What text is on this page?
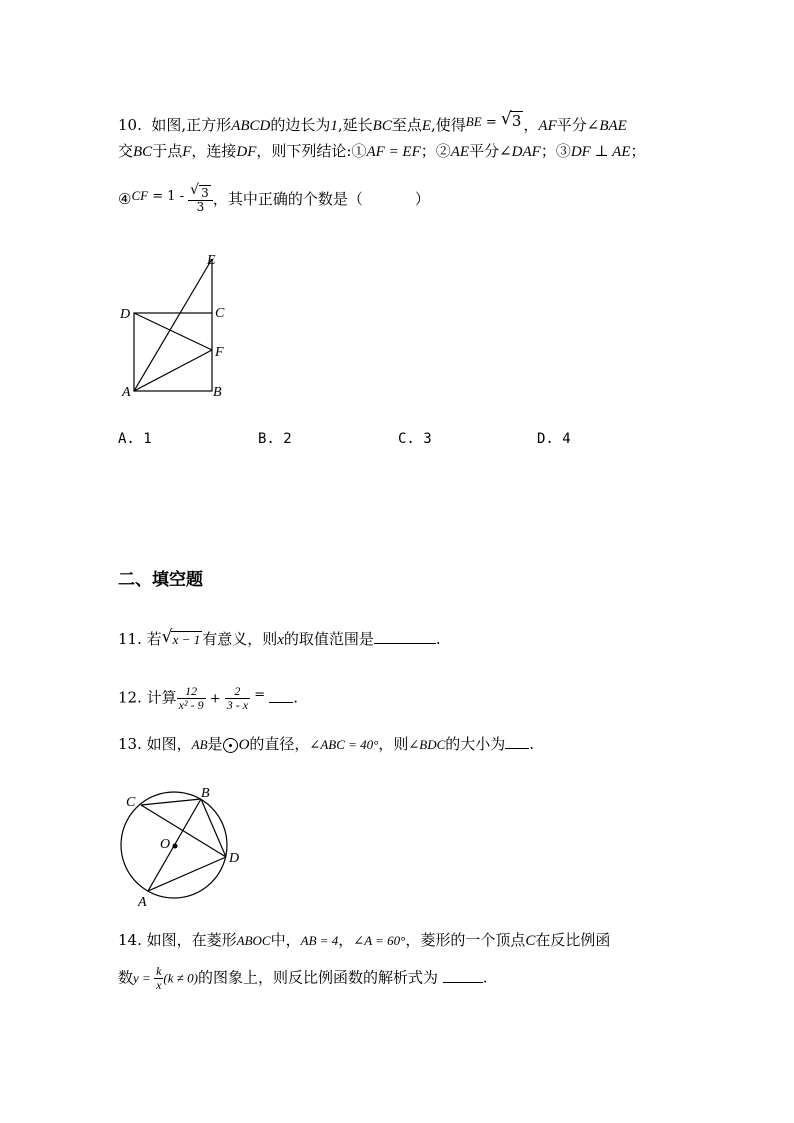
10. 如图,正方形ABCD的边长为1,延长BC至点E,使得BE = √ 3 ，AF平分∠BAE
交BC于点F，连接DF，则下列结论:①AF = EF；②AE平分∠DAF；③DF ⊥ AE；
④CF = $1 - \frac{√ 3}{3}$ ，其中正确的个数是（	）
E
D	C
F
A	B
A. 1	B. 2	C. 3	D. 4
二、填空题
11. 若 √ x − 1 有意义，则x的取值范围是	.
12. 计算 $\frac{12}{\text{x² - 9}} + \frac{2}{3 - x}$ = .
13. 如图，AB是 O的直径，∠ABC = 40°，则∠BDC的大小为 .
C
B
O
D
A
14. 如图，在菱形ABOC中，AB = 4，∠A = 60°，菱形的一个顶点C在反比例函
数$y = \frac{k}{x} (k \ne 0)$的图象上，则反比例函数的解析式为	.
